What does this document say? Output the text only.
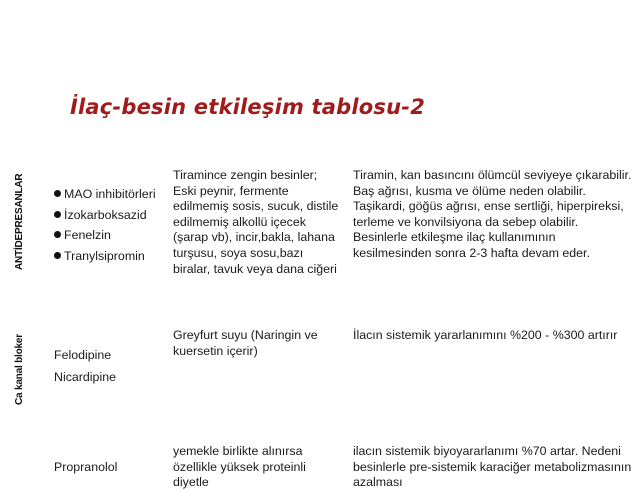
İlaç-besin etkileşim tablosu-2
ANTİDEPRESANLAR
Ca kanal bloker
MAO inhibitörleri
İzokarboksazid
Fenelzin
Tranylsipromin

Tiramince zengin besinler; Eski peynir, fermente edilmemiş sosis, sucuk, distile edilmemiş alkollü içecek (şarap vb), incir,bakla, lahana turşusu, soya sosu,bazı biralar, tavuk veya dana ciğeri

Tiramin, kan basıncını ölümcül seviyeye çıkarabilir. Baş ağrısı, kusma ve ölüme neden olabilir. Taşikardi, göğüs ağrısı, ense sertliği, hiperpireksi, terleme ve konvilsiyona da sebep olabilir. Besinlerle etkileşme ilaç kullanımının kesilmesinden sonra 2-3 hafta devam eder.

Felodipine

Nicardipine

Greyfurt suyu (Naringin ve kuersetin içerir)

İlacın sistemik yararlanımını %200 - %300 artırır

Propranolol

yemekle birlikte alınırsa özellikle yüksek proteinli diyetle

ilacın sistemik biyoyararlanımı %70 artar. Nedeni besinlerle pre-sistemik karaciğer metabolizmasının azalması
